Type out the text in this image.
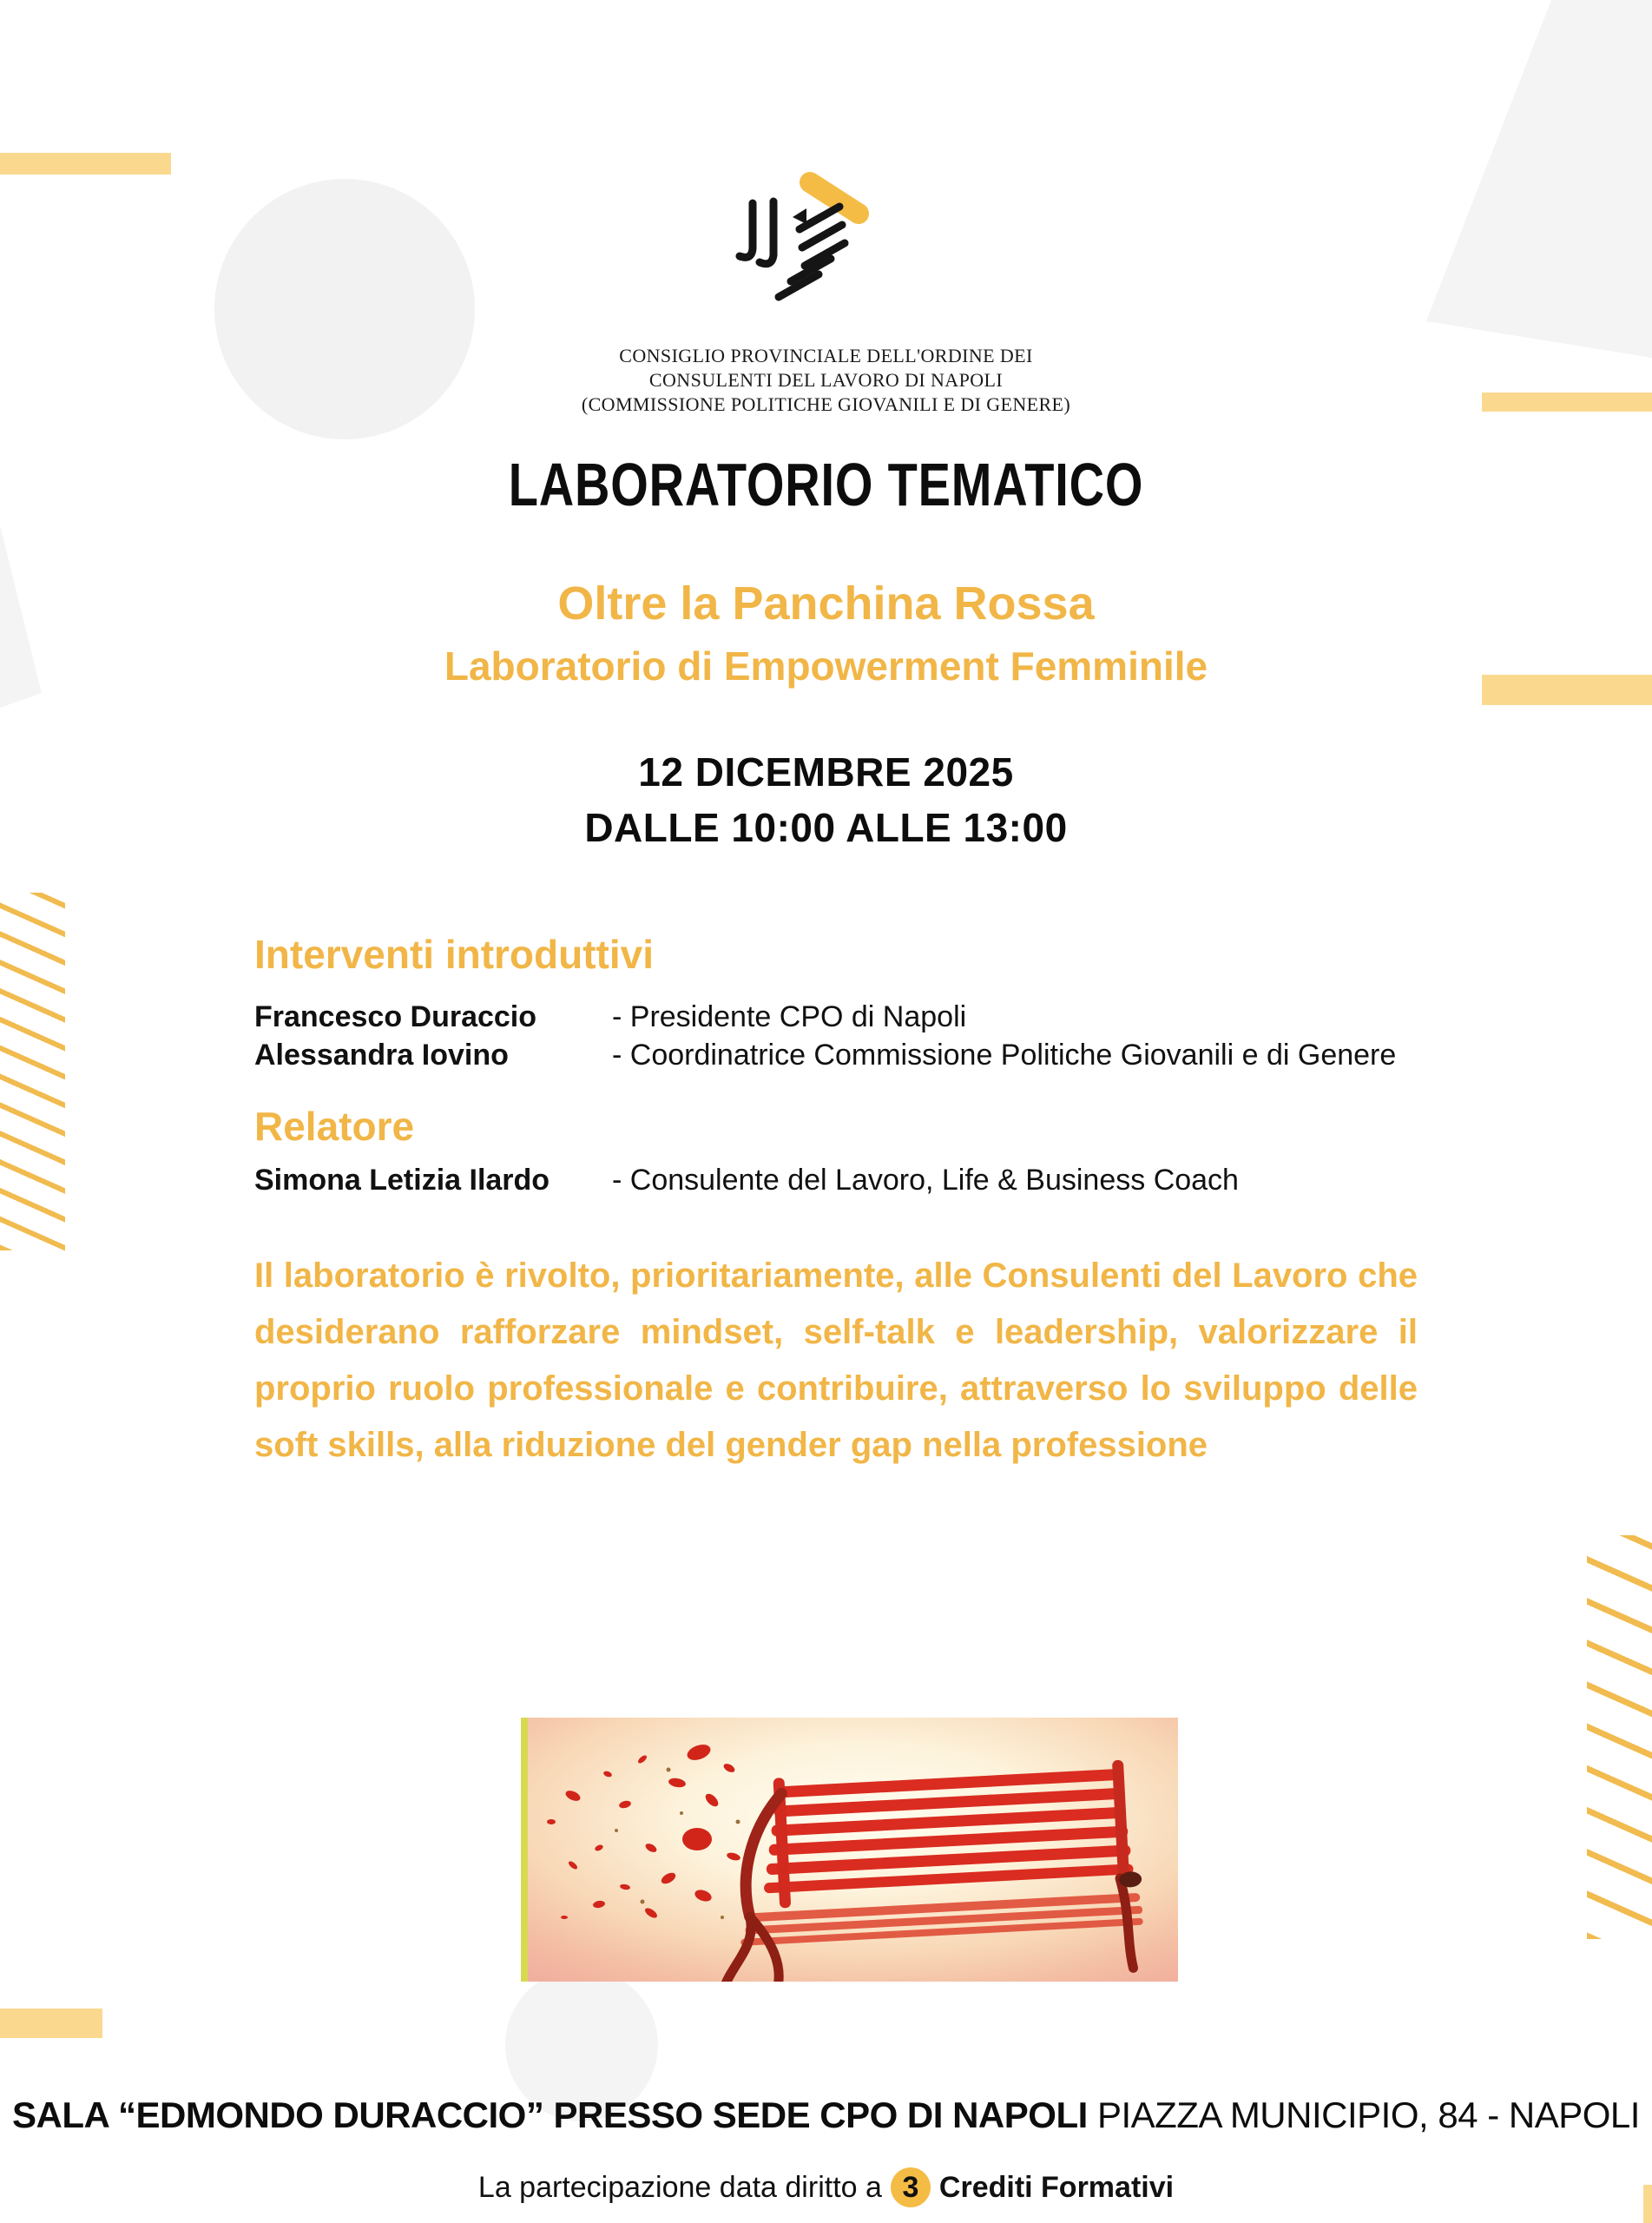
CONSIGLIO PROVINCIALE DELL'ORDINE DEI
CONSULENTI DEL LAVORO DI NAPOLI
(COMMISSIONE POLITICHE GIOVANILI E DI GENERE)
LABORATORIO TEMATICO
Oltre la Panchina Rossa
Laboratorio di Empowerment Femminile
12 DICEMBRE 2025
DALLE 10:00 ALLE 13:00
Interventi introduttivi
Francesco Duraccio	- Presidente CPO di Napoli
Alessandra Iovino	- Coordinatrice Commissione Politiche Giovanili e di Genere
Relatore
Simona Letizia Ilardo	- Consulente del Lavoro, Life & Business Coach
Il laboratorio è rivolto, prioritariamente, alle Consulenti del Lavoro che desiderano rafforzare mindset, self-talk e leadership, valorizzare il proprio ruolo professionale e contribuire, attraverso lo sviluppo delle soft skills, alla riduzione del gender gap nella professione
SALA “EDMONDO DURACCIO” PRESSO SEDE CPO DI NAPOLI PIAZZA MUNICIPIO, 84 - NAPOLI
La partecipazione data diritto a 3 Crediti Formativi
